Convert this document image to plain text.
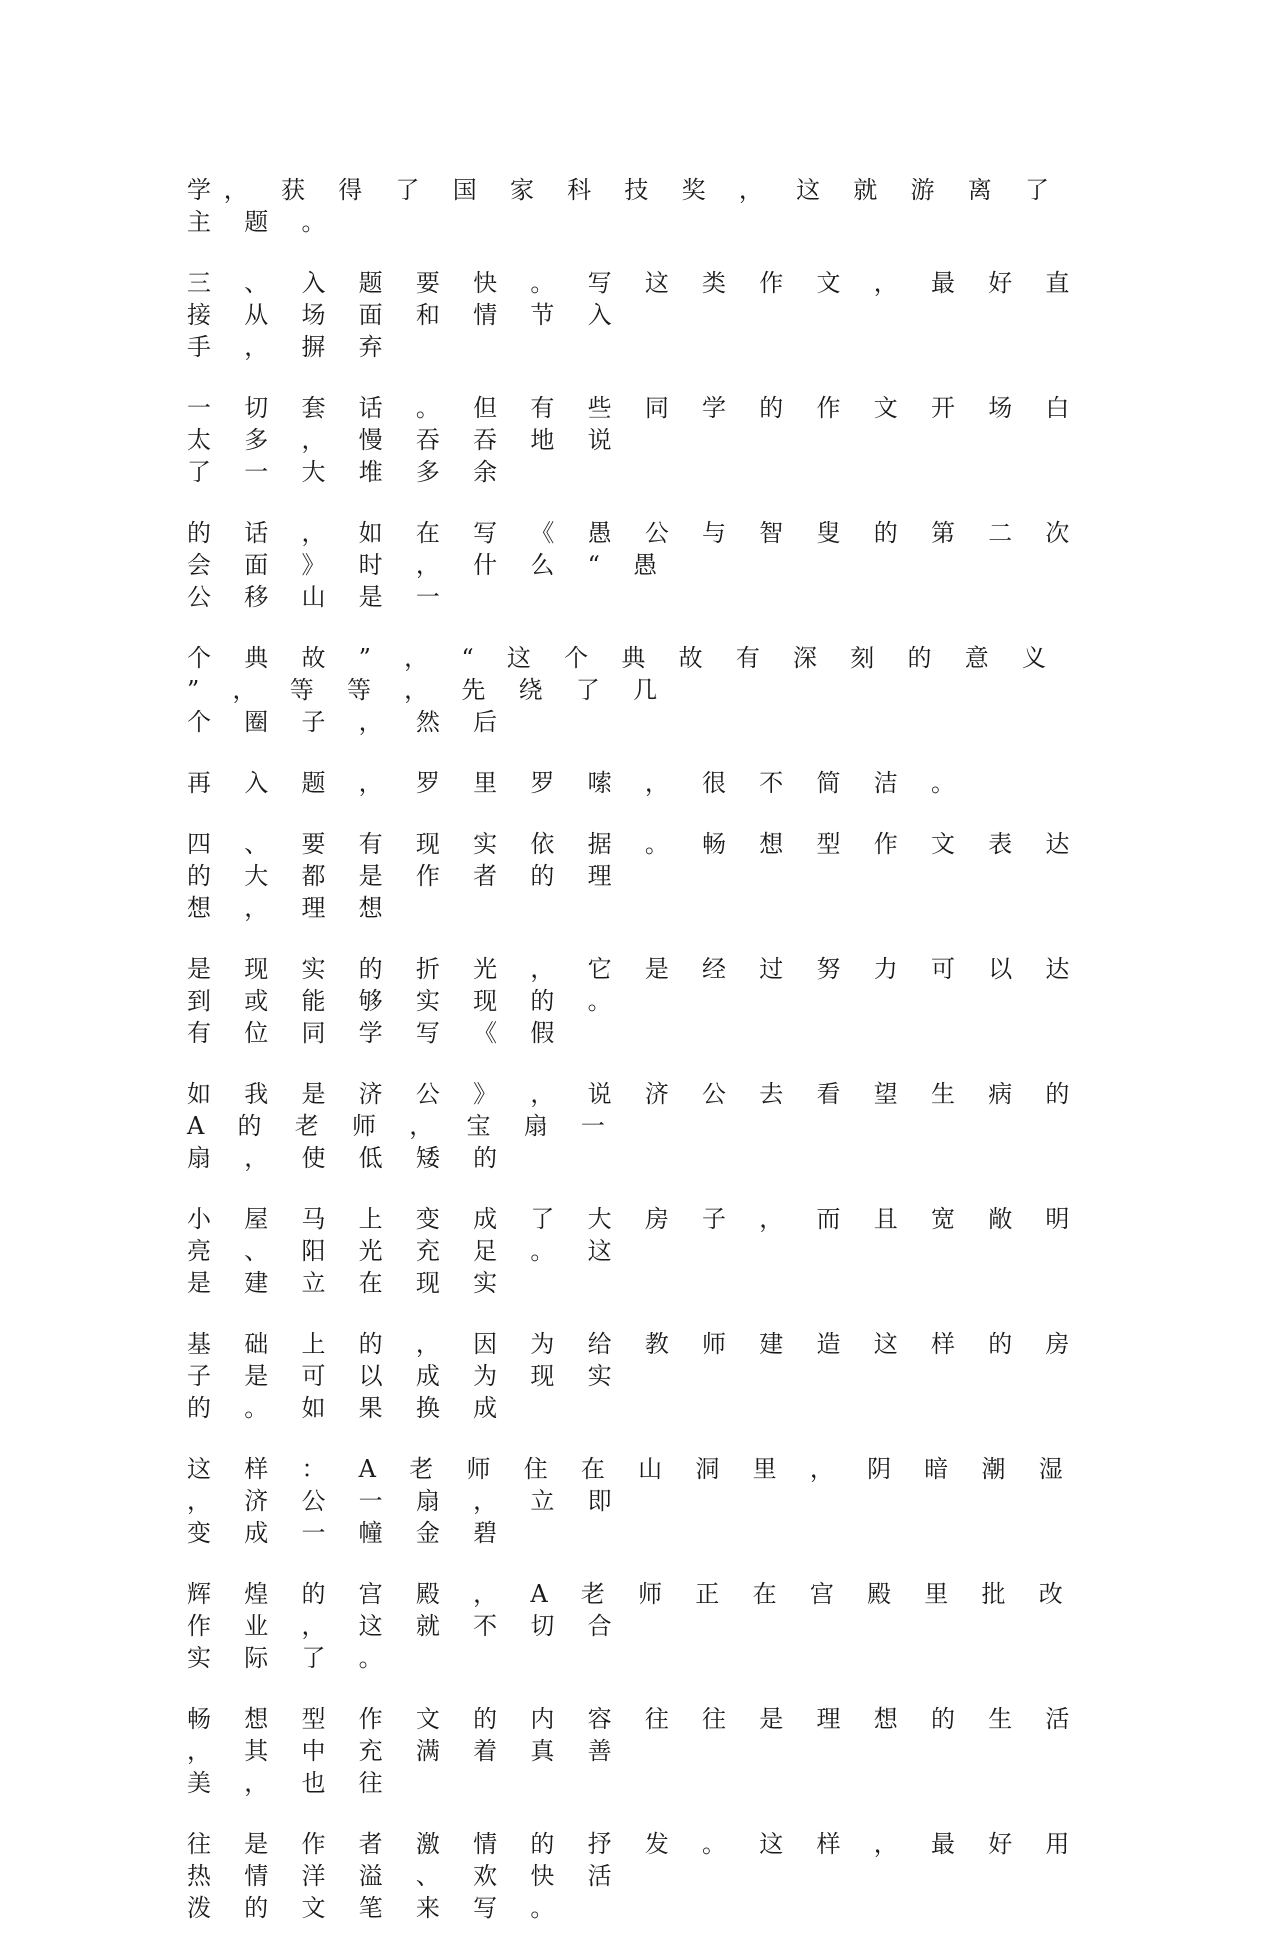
学， 获 得 了 国 家 科 技 奖 ， 这 就 游 离 了 主 题 。

三 、 入 题 要 快 。 写 这 类 作 文 ， 最 好 直 接 从 场 面 和 情 节 入
手 ， 摒 弃

一 切 套 话 。 但 有 些 同 学 的 作 文 开 场 白 太 多 ， 慢 吞 吞 地 说
了 一 大 堆 多 余

的 话 ， 如 在 写 《 愚 公 与 智 叟 的 第 二 次 会 面 》 时 ， 什 么 “ 愚
公 移 山 是 一

个 典 故 ” ， “ 这 个 典 故 有 深 刻 的 意 义 ” ， 等 等 ， 先 绕 了 几
个 圈 子 ， 然 后

再 入 题 ， 罗 里 罗 嗦 ， 很 不 简 洁 。

四 、 要 有 现 实 依 据 。 畅 想 型 作 文 表 达 的 大 都 是 作 者 的 理
想 ， 理 想

是 现 实 的 折 光 ， 它 是 经 过 努 力 可 以 达 到 或 能 够 实 现 的 。
有 位 同 学 写 《 假

如 我 是 济 公 》 ， 说 济 公 去 看 望 生 病 的 A 的 老 师 ， 宝 扇 一
扇 ， 使 低 矮 的

小 屋 马 上 变 成 了 大 房 子 ， 而 且 宽 敞 明 亮 、 阳 光 充 足 。 这
是 建 立 在 现 实

基 础 上 的 ， 因 为 给 教 师 建 造 这 样 的 房 子 是 可 以 成 为 现 实
的 。 如 果 换 成

这 样 ： A 老 师 住 在 山 洞 里 ， 阴 暗 潮 湿 ， 济 公 一 扇 ， 立 即
变 成 一 幢 金 碧

辉 煌 的 宫 殿 ， A 老 师 正 在 宫 殿 里 批 改 作 业 ， 这 就 不 切 合
实 际 了 。

畅 想 型 作 文 的 内 容 往 往 是 理 想 的 生 活 ， 其 中 充 满 着 真 善
美 ， 也 往

往 是 作 者 激 情 的 抒 发 。 这 样 ， 最 好 用 热 情 洋 溢 、 欢 快 活
泼 的 文 笔 来 写 。
